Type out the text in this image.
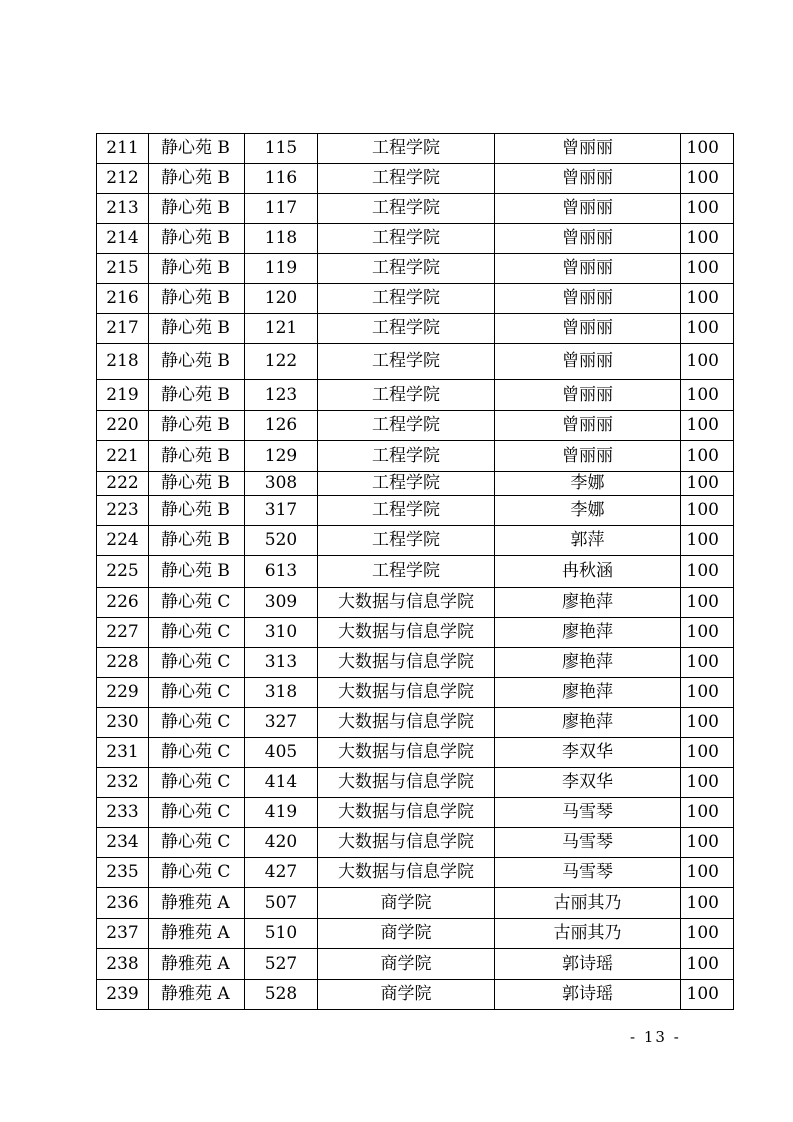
211	静心苑 B	115	工程学院	曾丽丽	100
212	静心苑 B	116	工程学院	曾丽丽	100
213	静心苑 B	117	工程学院	曾丽丽	100
214	静心苑 B	118	工程学院	曾丽丽	100
215	静心苑 B	119	工程学院	曾丽丽	100
216	静心苑 B	120	工程学院	曾丽丽	100
217	静心苑 B	121	工程学院	曾丽丽	100
218	静心苑 B	122	工程学院	曾丽丽	100
219	静心苑 B	123	工程学院	曾丽丽	100
220	静心苑 B	126	工程学院	曾丽丽	100
221	静心苑 B	129	工程学院	曾丽丽	100
222	静心苑 B	308	工程学院	李娜	100
223	静心苑 B	317	工程学院	李娜	100
224	静心苑 B	520	工程学院	郭萍	100
225	静心苑 B	613	工程学院	冉秋涵	100
226	静心苑 C	309	大数据与信息学院	廖艳萍	100
227	静心苑 C	310	大数据与信息学院	廖艳萍	100
228	静心苑 C	313	大数据与信息学院	廖艳萍	100
229	静心苑 C	318	大数据与信息学院	廖艳萍	100
230	静心苑 C	327	大数据与信息学院	廖艳萍	100
231	静心苑 C	405	大数据与信息学院	李双华	100
232	静心苑 C	414	大数据与信息学院	李双华	100
233	静心苑 C	419	大数据与信息学院	马雪琴	100
234	静心苑 C	420	大数据与信息学院	马雪琴	100
235	静心苑 C	427	大数据与信息学院	马雪琴	100
236	静雅苑 A	507	商学院	古丽其乃	100
237	静雅苑 A	510	商学院	古丽其乃	100
238	静雅苑 A	527	商学院	郭诗瑶	100
239	静雅苑 A	528	商学院	郭诗瑶	100
- 13 -
